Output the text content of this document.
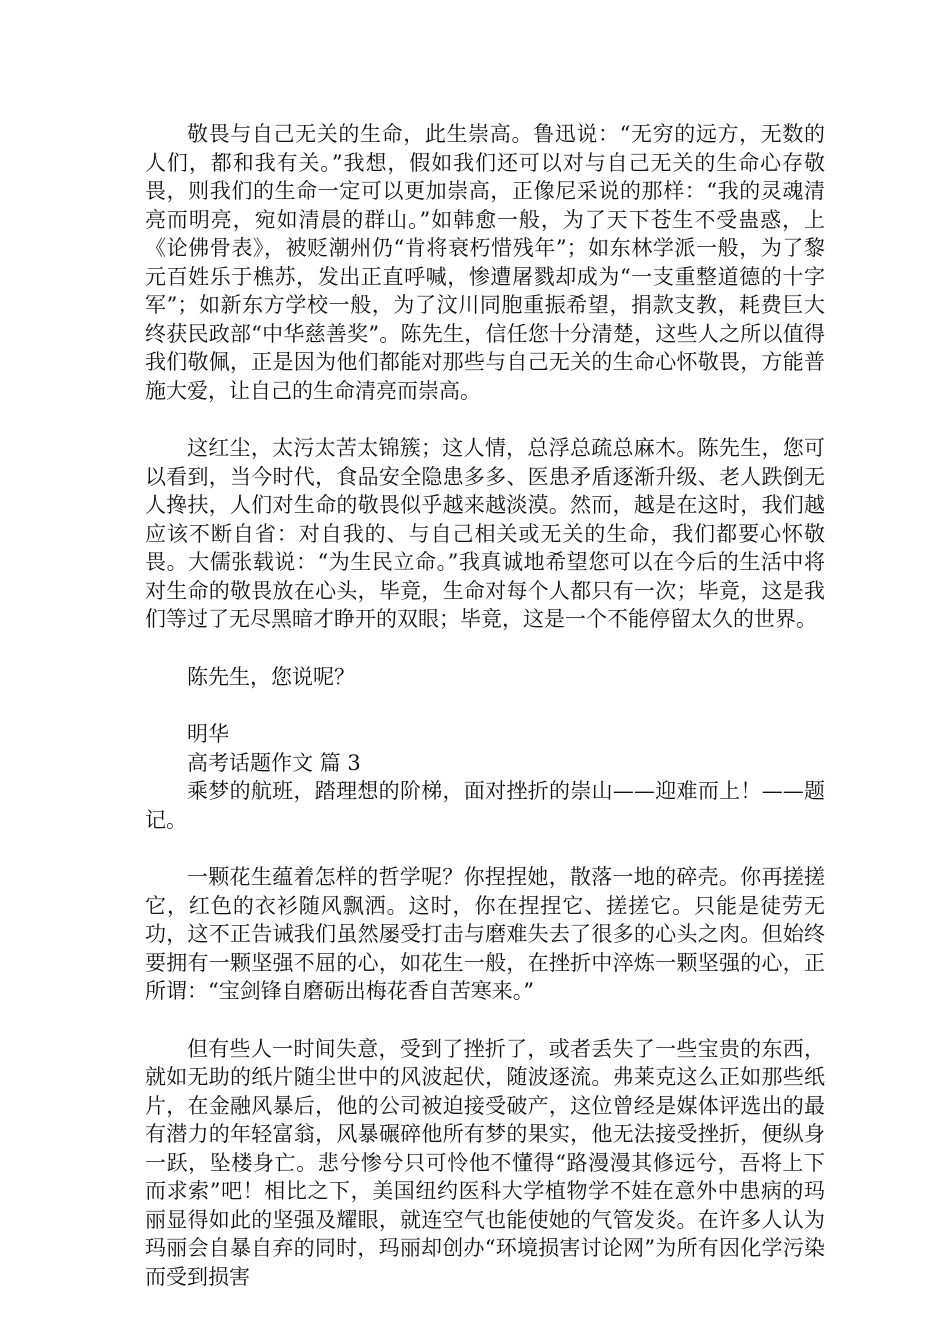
敬畏与自己无关的生命，此生崇高。鲁迅说：“无穷的远方，无数的人们，都和我有关。”我想，假如我们还可以对与自己无关的生命心存敬畏，则我们的生命一定可以更加崇高，正像尼采说的那样：“我的灵魂清亮而明亮，宛如清晨的群山。”如韩愈一般，为了天下苍生不受蛊惑，上《论佛骨表》，被贬潮州仍“肯将衰朽惜残年”；如东林学派一般，为了黎元百姓乐于樵苏，发出正直呼喊，惨遭屠戮却成为“一支重整道德的十字军”；如新东方学校一般，为了汶川同胞重振希望，捐款支教，耗费巨大终获民政部“中华慈善奖”。陈先生，信任您十分清楚，这些人之所以值得我们敬佩，正是因为他们都能对那些与自己无关的生命心怀敬畏，方能普施大爱，让自己的生命清亮而崇高。

这红尘，太污太苦太锦簇；这人情，总浮总疏总麻木。陈先生，您可以看到，当今时代，食品安全隐患多多、医患矛盾逐渐升级、老人跌倒无人搀扶，人们对生命的敬畏似乎越来越淡漠。然而，越是在这时，我们越应该不断自省：对自我的、与自己相关或无关的生命，我们都要心怀敬畏。大儒张载说：“为生民立命。”我真诚地希望您可以在今后的生活中将对生命的敬畏放在心头，毕竟，生命对每个人都只有一次；毕竟，这是我们等过了无尽黑暗才睁开的双眼；毕竟，这是一个不能停留太久的世界。

陈先生，您说呢？

明华

高考话题作文 篇 3

乘梦的航班，踏理想的阶梯，面对挫折的崇山——迎难而上！——题记。

一颗花生蕴着怎样的哲学呢？你捏捏她，散落一地的碎壳。你再搓搓它，红色的衣衫随风飘洒。这时，你在捏捏它、搓搓它。只能是徒劳无功，这不正告诫我们虽然屡受打击与磨难失去了很多的心头之肉。但始终要拥有一颗坚强不屈的心，如花生一般，在挫折中淬炼一颗坚强的心，正所谓：“宝剑锋自磨砺出梅花香自苦寒来。”

但有些人一时间失意，受到了挫折了，或者丢失了一些宝贵的东西，就如无助的纸片随尘世中的风波起伏，随波逐流。弗莱克这么正如那些纸片，在金融风暴后，他的公司被迫接受破产，这位曾经是媒体评选出的最有潜力的年轻富翁，风暴碾碎他所有梦的果实，他无法接受挫折，便纵身一跃，坠楼身亡。悲兮惨兮只可怜他不懂得“路漫漫其修远兮，吾将上下而求索”吧！相比之下，美国纽约医科大学植物学不娃在意外中患病的玛丽显得如此的坚强及耀眼，就连空气也能使她的气管发炎。在许多人认为玛丽会自暴自弃的同时，玛丽却创办“环境损害讨论网”为所有因化学污染而受到损害
